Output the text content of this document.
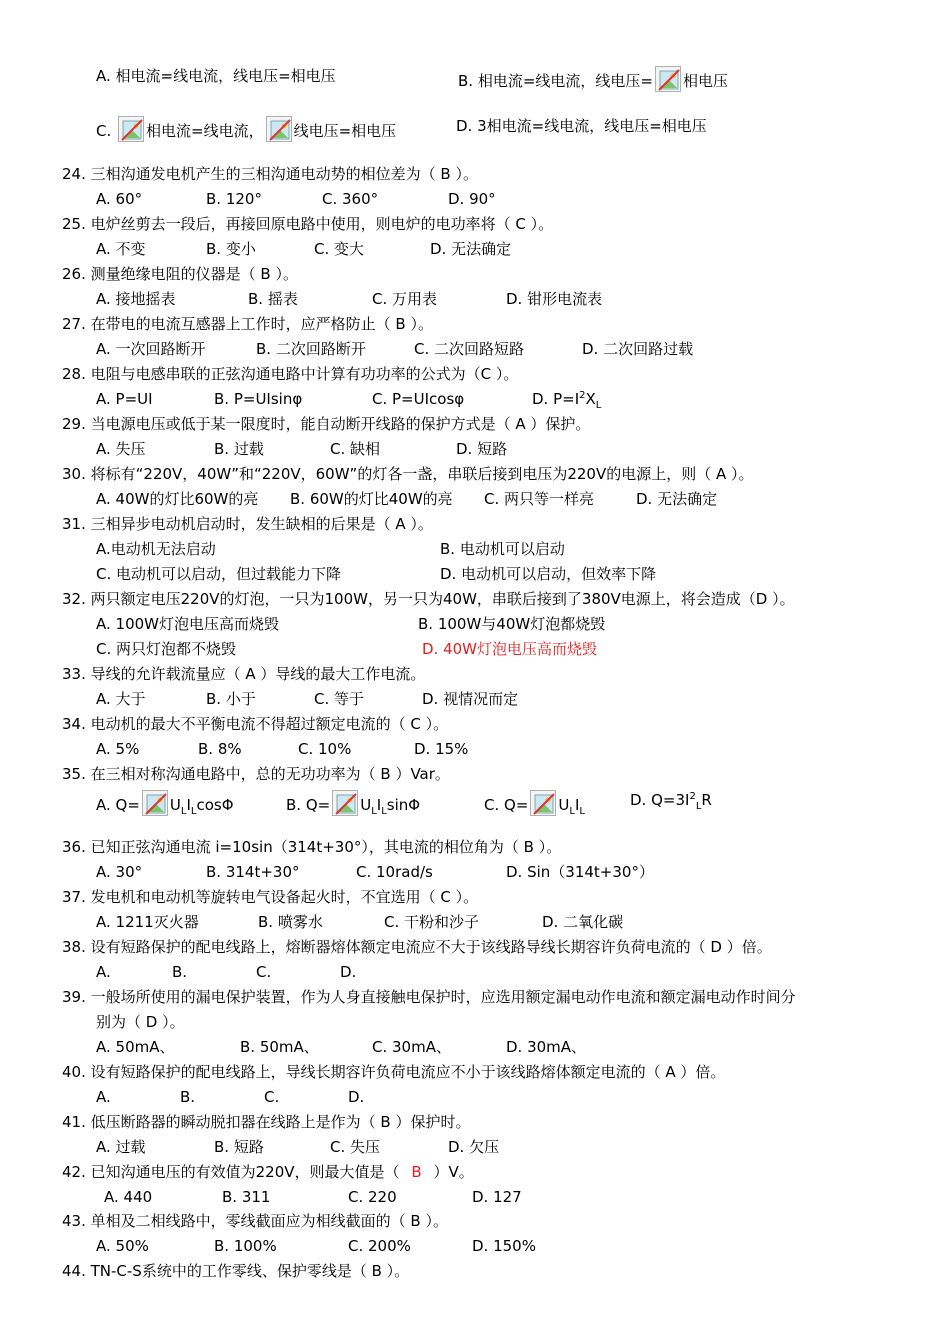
A. 相电流=线电流，线电压=相电压	B. 相电流=线电流，线电压= 相电压
C. 相电流=线电流， 线电压=相电压	D. 3相电流=线电流，线电压=相电压
24. 三相沟通发电机产生的三相沟通电动势的相位差为（ B ）。
A. 60°	B. 120°	C. 360°	D. 90°
25. 电炉丝剪去一段后，再接回原电路中使用，则电炉的电功率将（ C ）。
A. 不变	B. 变小	C. 变大	D. 无法确定
26. 测量绝缘电阻的仪器是（ B ）。
A. 接地摇表	B. 摇表	C. 万用表	D. 钳形电流表
27. 在带电的电流互感器上工作时，应严格防止（ B ）。
A. 一次回路断开	B. 二次回路断开	C. 二次回路短路	D. 二次回路过载
28. 电阻与电感串联的正弦沟通电路中计算有功功率的公式为（C ）。
A. P=UI	B. P=UIsinφ	C. P=UIcosφ	D. $P=I^2X_L$
29. 当电源电压或低于某一限度时，能自动断开线路的保护方式是（ A ）保护。
A. 失压	B. 过载	C. 缺相	D. 短路
30. 将标有“220V，40W”和“220V，60W”的灯各一盏，串联后接到电压为220V的电源上，则（ A ）。
A. 40W的灯比60W的亮 B. 60W的灯比40W的亮 C. 两只等一样亮	D. 无法确定
31. 三相异步电动机启动时，发生缺相的后果是（ A ）。
A.电动机无法启动	B. 电动机可以启动
C. 电动机可以启动，但过载能力下降	D. 电动机可以启动，但效率下降
32. 两只额定电压220V的灯泡，一只为100W，另一只为40W，串联后接到了380V电源上，将会造成（D ）。
A. 100W灯泡电压高而烧毁	B. 100W与40W灯泡都烧毁
C. 两只灯泡都不烧毁	D. 40W灯泡电压高而烧毁
33. 导线的允许载流量应（ A ）导线的最大工作电流。
A. 大于	B. 小于	C. 等于	D. 视情况而定
34. 电动机的最大不平衡电流不得超过额定电流的（ C ）。
A. 5%	B. 8%	C. 10%	D. 15%
35. 在三相对称沟通电路中，总的无功功率为（ B ）Var。
A. $Q= U_LI_L\cos\Phi$	B. $Q= U_LI_L\sin\Phi$	C. $Q= U_LI_L$
D. $Q=3I^2_LR$
36. 已知正弦沟通电流 i=10sin（314t+30°），其电流的相位角为（ B ）。
A. 30°	B. 314t+30°	C. 10rad/s	D. Sin（314t+30°）
37. 发电机和电动机等旋转电气设备起火时，不宜选用（ C ）。
A. 1211灭火器	B. 喷雾水	C. 干粉和沙子	D. 二氧化碳
38. 设有短路保护的配电线路上，熔断器熔体额定电流应不大于该线路导线长期容许负荷电流的（ D ）倍。
A.	B.	C.	D.
39. 一般场所使用的漏电保护装置，作为人身直接触电保护时，应选用额定漏电动作电流和额定漏电动作时间分
别为（ D ）。
A. 50mA、	B. 50mA、	C. 30mA、	D. 30mA、
40. 设有短路保护的配电线路上，导线长期容许负荷电流应不小于该线路熔体额定电流的（ A ）倍。
A.	B.	C.	D.
41. 低压断路器的瞬动脱扣器在线路上是作为（ B ）保护时。
A. 过载	B. 短路	C. 失压	D. 欠压
42. 已知沟通电压的有效值为220V，则最大值是（ B ）V。
A. 440	B. 311	C. 220	D. 127
43. 单相及二相线路中，零线截面应为相线截面的（ B ）。
A. 50%	B. 100%	C. 200%	D. 150%
44. TN-C-S系统中的工作零线、保护零线是（ B ）。
